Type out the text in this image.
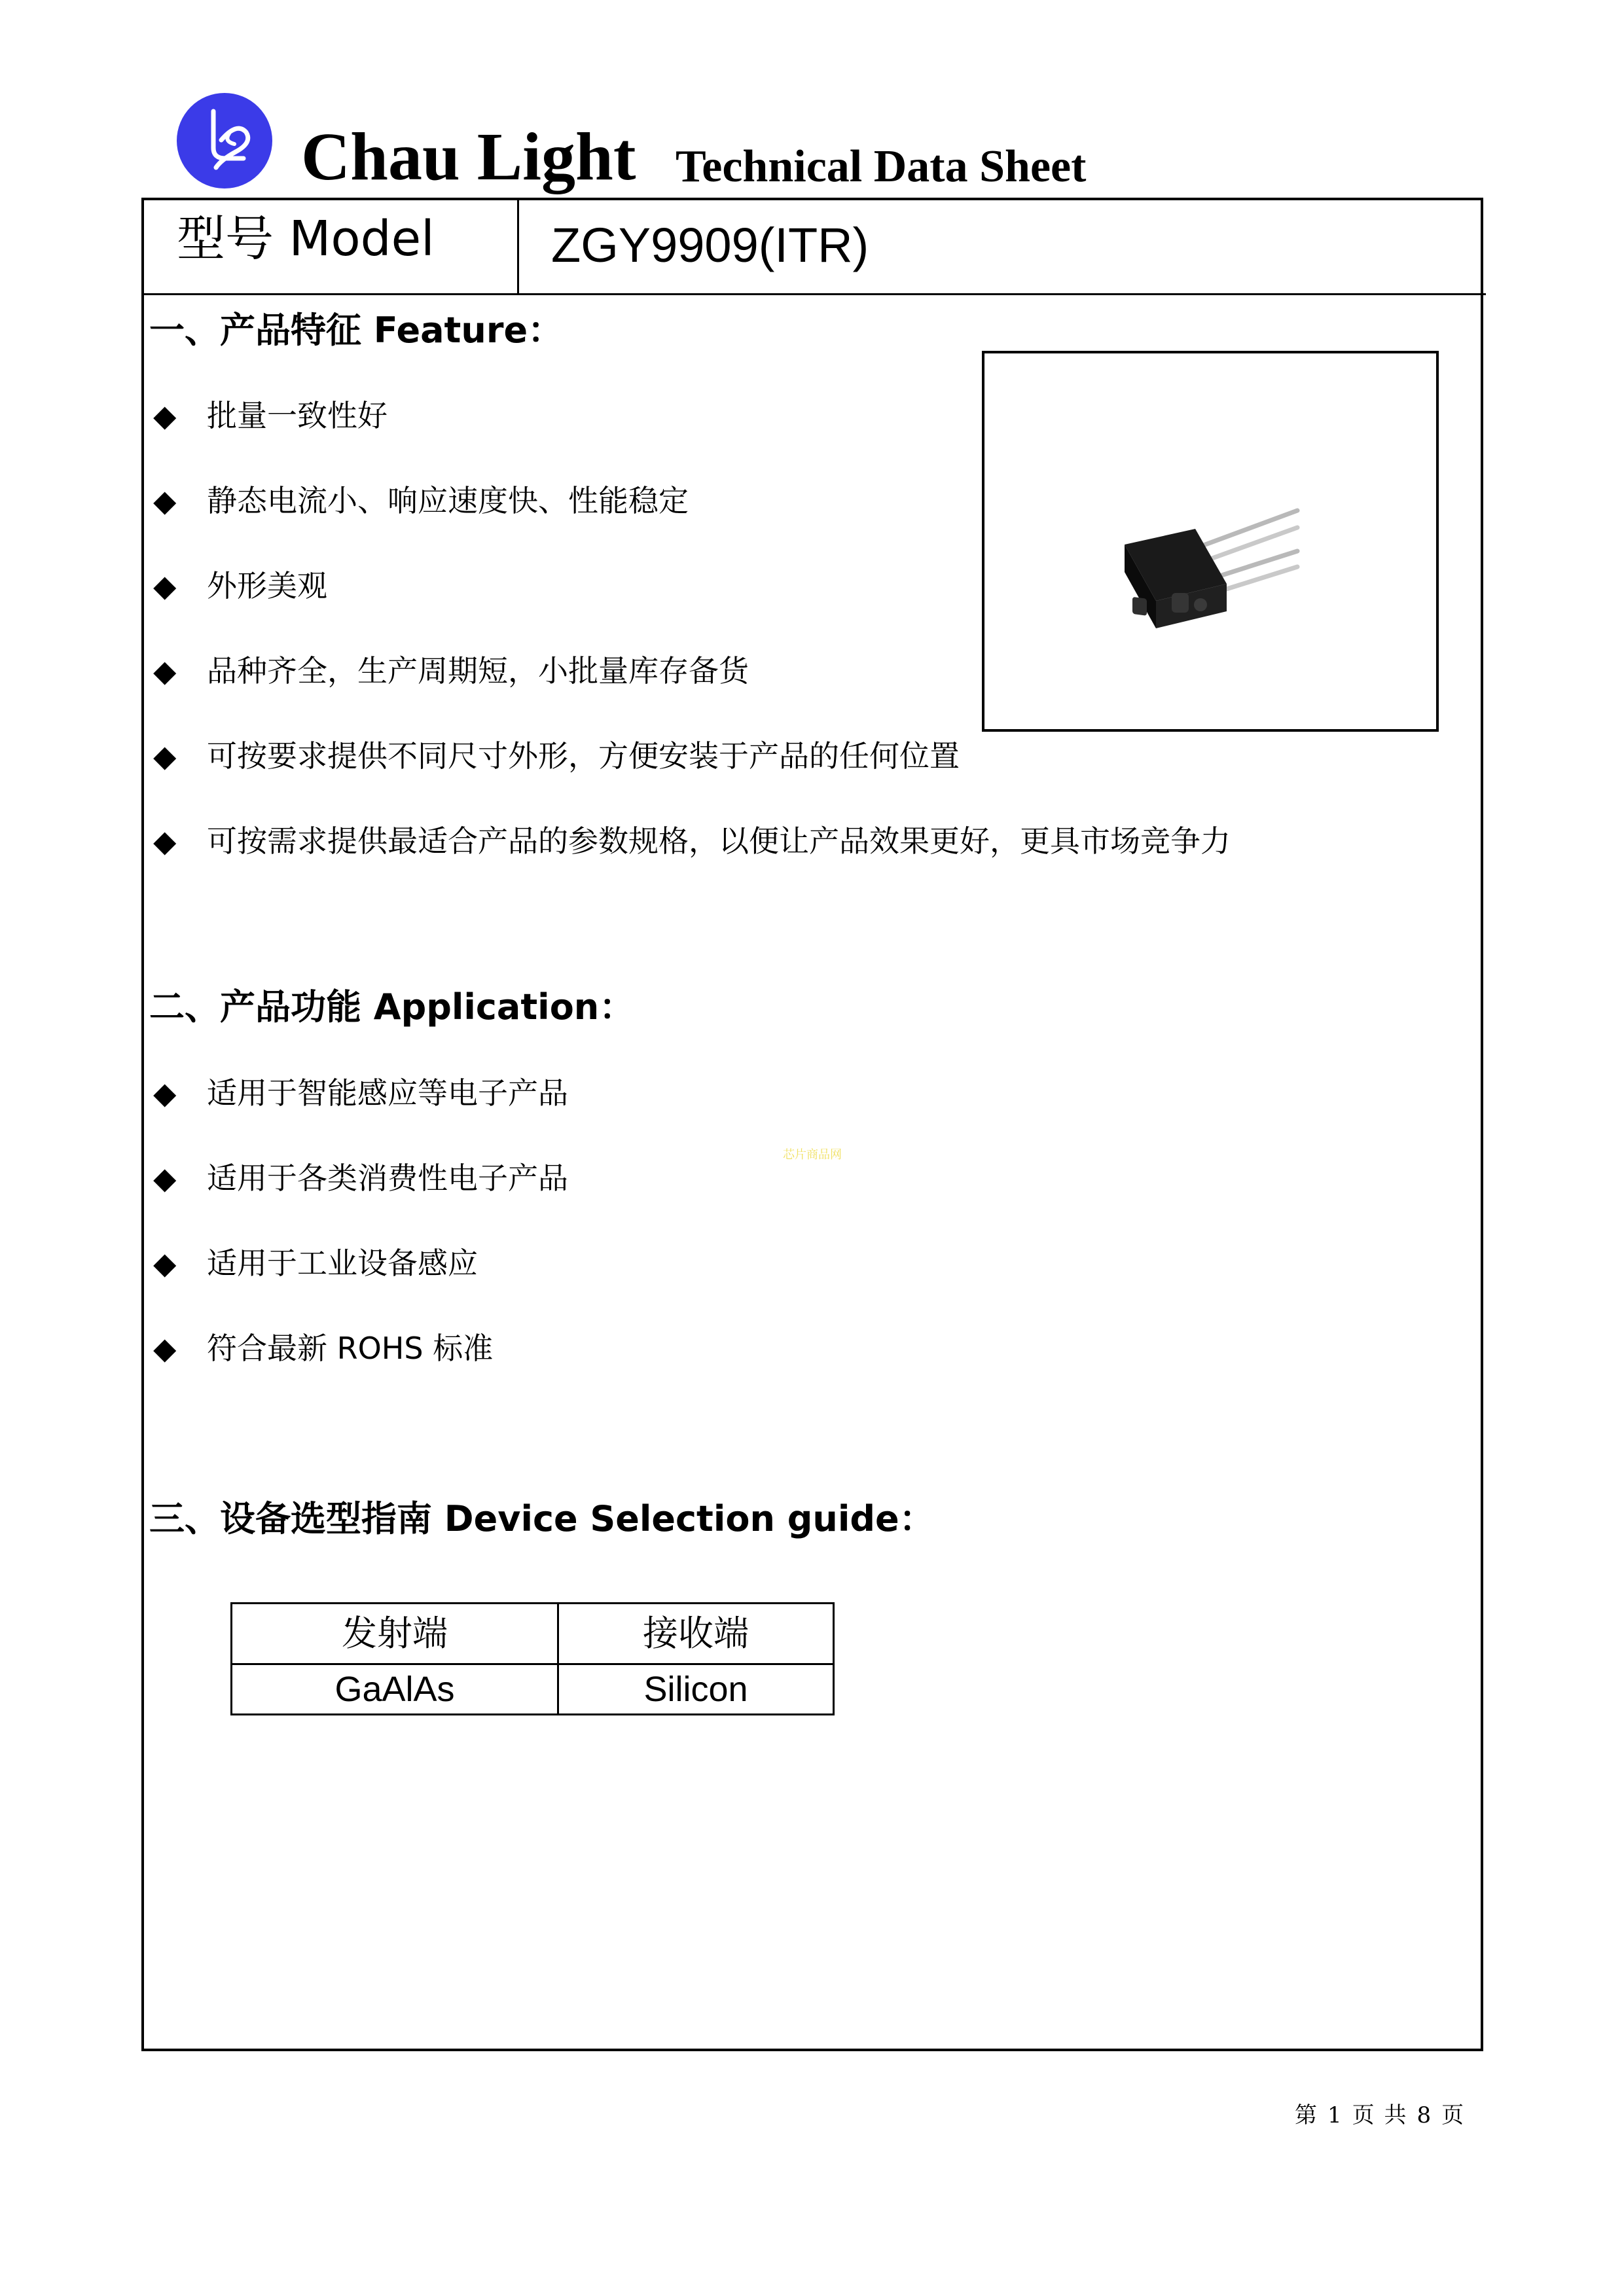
Chau Light Technical Data Sheet
型号 Model ZGY9909(ITR)
一、产品特征 Feature：
◆	批量一致性好
◆	静态电流小、响应速度快、性能稳定
◆	外形美观
◆	品种齐全，生产周期短，小批量库存备货
◆	可按要求提供不同尺寸外形，方便安装于产品的任何位置
◆	可按需求提供最适合产品的参数规格，以便让产品效果更好，更具市场竞争力
二、产品功能 Application：
◆	适用于智能感应等电子产品
◆	适用于各类消费性电子产品
◆	适用于工业设备感应
◆	符合最新 ROHS 标准
芯片商品网
三、设备选型指南 Device Selection guide：
发射端	接收端
GaAlAs	Silicon
第 1 页 共 8 页
